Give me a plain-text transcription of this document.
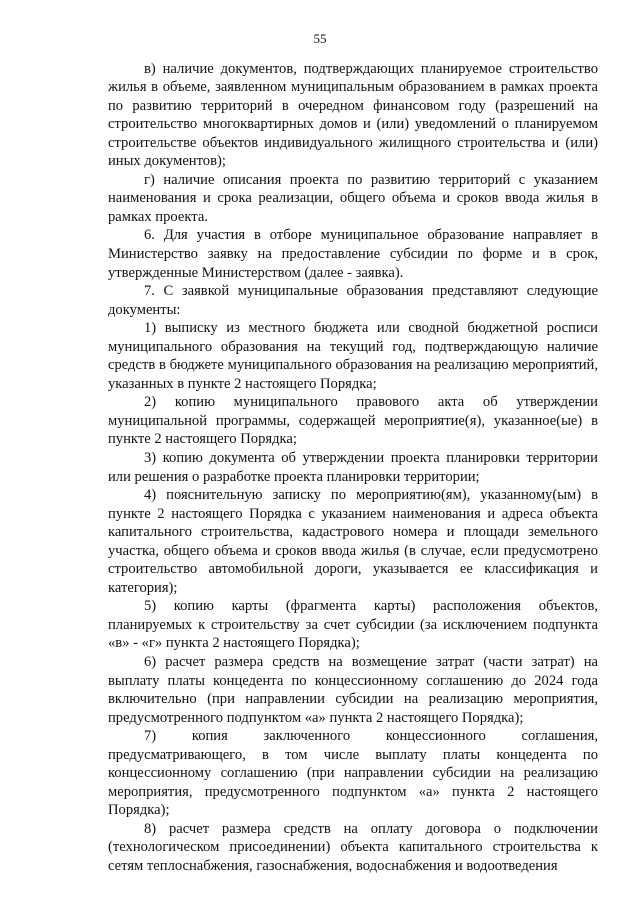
55

в) наличие документов, подтверждающих планируемое строительство жилья в объеме, заявленном муниципальным образованием в рамках проекта по развитию территорий в очередном финансовом году (разрешений на строительство многоквартирных домов и (или) уведомлений о планируемом строительстве объектов индивидуального жилищного строительства и (или) иных документов);

г) наличие описания проекта по развитию территорий с указанием наименования и срока реализации, общего объема и сроков ввода жилья в рамках проекта.

6. Для участия в отборе муниципальное образование направляет в Министерство заявку на предоставление субсидии по форме и в срок, утвержденные Министерством (далее - заявка).

7. С заявкой муниципальные образования представляют следующие документы:

1) выписку из местного бюджета или сводной бюджетной росписи муниципального образования на текущий год, подтверждающую наличие средств в бюджете муниципального образования на реализацию мероприятий, указанных в пункте 2 настоящего Порядка;

2) копию муниципального правового акта об утверждении муниципальной программы, содержащей мероприятие(я), указанное(ые) в пункте 2 настоящего Порядка;

3) копию документа об утверждении проекта планировки территории или решения о разработке проекта планировки территории;

4) пояснительную записку по мероприятию(ям), указанному(ым) в пункте 2 настоящего Порядка с указанием наименования и адреса объекта капитального строительства, кадастрового номера и площади земельного участка, общего объема и сроков ввода жилья (в случае, если предусмотрено строительство автомобильной дороги, указывается ее классификация и категория);

5) копию карты (фрагмента карты) расположения объектов, планируемых к строительству за счет субсидии (за исключением подпункта «в» - «г» пункта 2 настоящего Порядка);

6) расчет размера средств на возмещение затрат (части затрат) на выплату платы концедента по концессионному соглашению до 2024 года включительно (при направлении субсидии на реализацию мероприятия, предусмотренного подпунктом «а» пункта 2 настоящего Порядка);

7) копия заключенного концессионного соглашения, предусматривающего, в том числе выплату платы концедента по концессионному соглашению (при направлении субсидии на реализацию мероприятия, предусмотренного подпунктом «а» пункта 2 настоящего Порядка);

8) расчет размера средств на оплату договора о подключении (технологическом присоединении) объекта капитального строительства к сетям теплоснабжения, газоснабжения, водоснабжения и водоотведения
